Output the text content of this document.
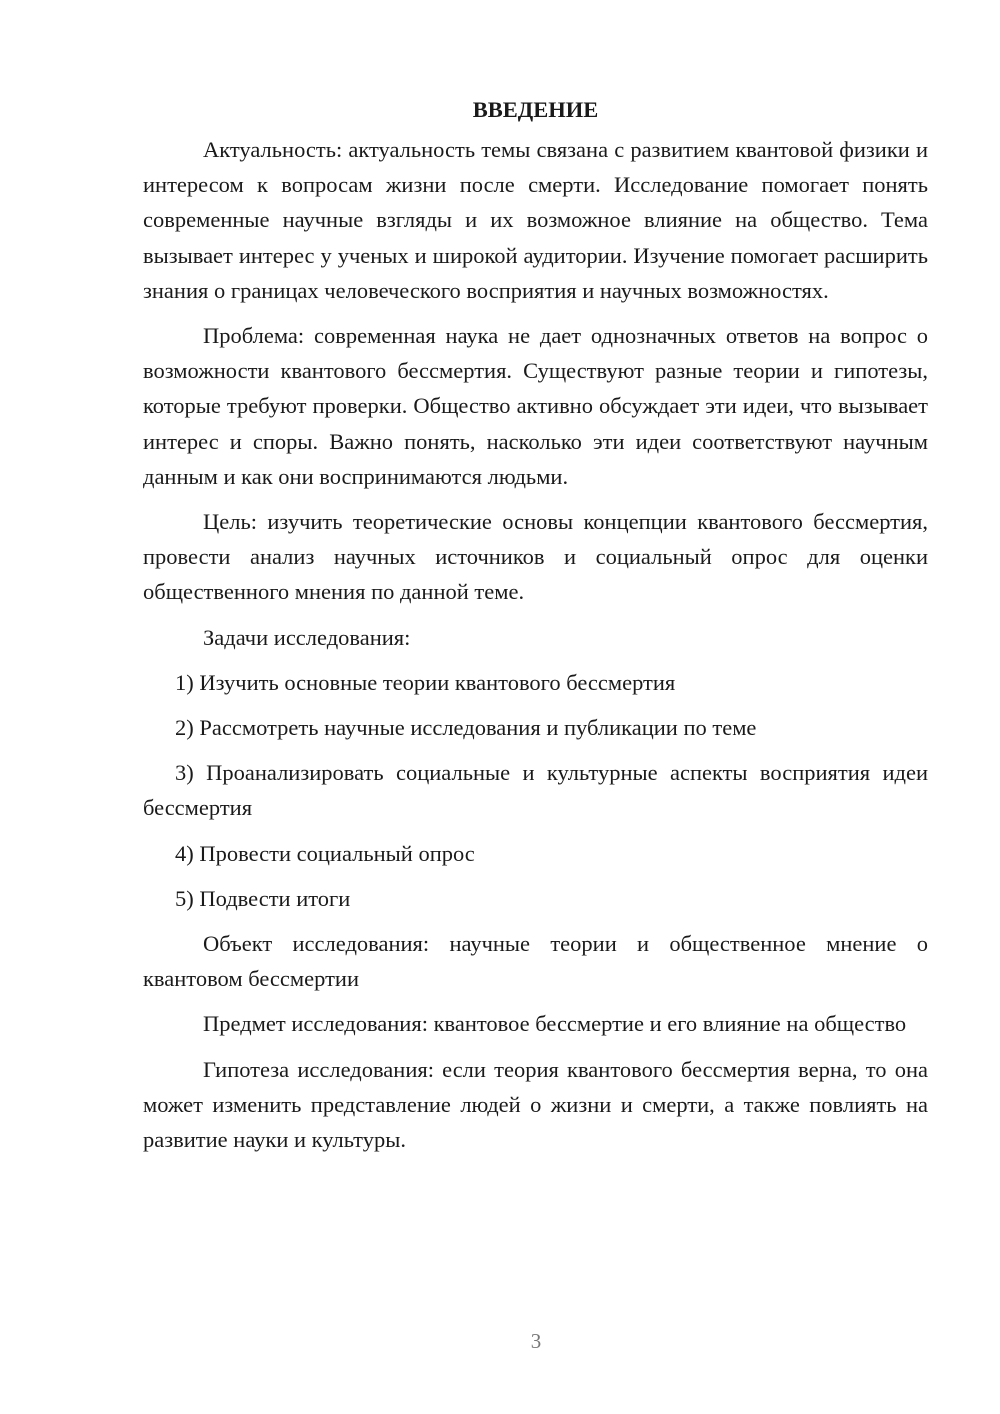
ВВЕДЕНИЕ

Актуальность: актуальность темы связана с развитием квантовой физики и интересом к вопросам жизни после смерти. Исследование помогает понять современные научные взгляды и их возможное влияние на общество. Тема вызывает интерес у ученых и широкой аудитории. Изучение помогает расширить знания о границах человеческого восприятия и научных возможностях.

Проблема: современная наука не дает однозначных ответов на вопрос о возможности квантового бессмертия. Существуют разные теории и гипотезы, которые требуют проверки. Общество активно обсуждает эти идеи, что вызывает интерес и споры. Важно понять, насколько эти идеи соответствуют научным данным и как они воспринимаются людьми.

Цель: изучить теоретические основы концепции квантового бессмертия, провести анализ научных источников и социальный опрос для оценки общественного мнения по данной теме.

Задачи исследования:

1) Изучить основные теории квантового бессмертия

2) Рассмотреть научные исследования и публикации по теме

3) Проанализировать социальные и культурные аспекты восприятия идеи бессмертия

4) Провести социальный опрос

5) Подвести итоги

Объект исследования: научные теории и общественное мнение о квантовом бессмертии

Предмет исследования: квантовое бессмертие и его влияние на общество

Гипотеза исследования: если теория квантового бессмертия верна, то она может изменить представление людей о жизни и смерти, а также повлиять на развитие науки и культуры.

3
